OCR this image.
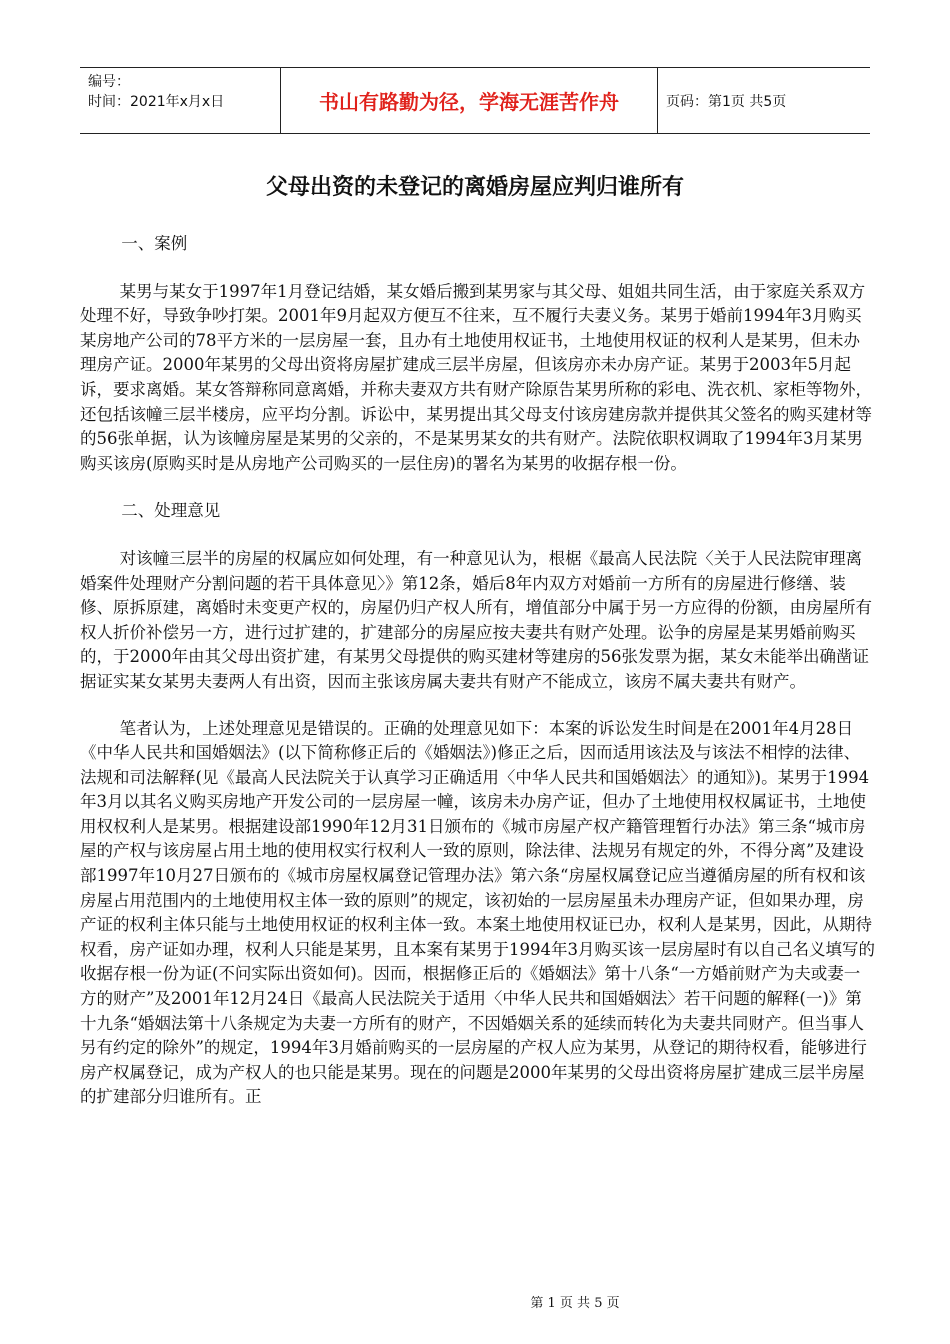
编号：
时间：2021年x月x日	书山有路勤为径，学海无涯苦作舟	页码：第1页 共5页
父母出资的未登记的离婚房屋应判归谁所有

一、案例

某男与某女于1997年1月登记结婚，某女婚后搬到某男家与其父母、姐姐共同生活，由于家庭关系双方处理不好，导致争吵打架。2001年9月起双方便互不往来，互不履行夫妻义务。某男于婚前1994年3月购买某房地产公司的78平方米的一层房屋一套，且办有土地使用权证书，土地使用权证的权利人是某男，但未办理房产证。2000年某男的父母出资将房屋扩建成三层半房屋，但该房亦未办房产证。某男于2003年5月起诉，要求离婚。某女答辩称同意离婚，并称夫妻双方共有财产除原告某男所称的彩电、洗衣机、家柜等物外，还包括该幢三层半楼房，应平均分割。诉讼中，某男提出其父母支付该房建房款并提供其父签名的购买建材等的56张单据，认为该幢房屋是某男的父亲的，不是某男某女的共有财产。法院依职权调取了1994年3月某男购买该房(原购买时是从房地产公司购买的一层住房)的署名为某男的收据存根一份。

二、处理意见

对该幢三层半的房屋的权属应如何处理，有一种意见认为，根椐《最高人民法院〈关于人民法院审理离婚案件处理财产分割问题的若干具体意见〉》第12条，婚后8年内双方对婚前一方所有的房屋进行修缮、装修、原拆原建，离婚时未变更产权的，房屋仍归产权人所有，增值部分中属于另一方应得的份额，由房屋所有权人折价补偿另一方，进行过扩建的，扩建部分的房屋应按夫妻共有财产处理。讼争的房屋是某男婚前购买的，于2000年由其父母出资扩建，有某男父母提供的购买建材等建房的56张发票为据，某女未能举出确凿证据证实某女某男夫妻两人有出资，因而主张该房属夫妻共有财产不能成立，该房不属夫妻共有财产。

笔者认为，上述处理意见是错误的。正确的处理意见如下：本案的诉讼发生时间是在2001年4月28日《中华人民共和国婚姻法》(以下简称修正后的《婚姻法》)修正之后，因而适用该法及与该法不相悖的法律、法规和司法解释(见《最高人民法院关于认真学习正确适用〈中华人民共和国婚姻法〉的通知》)。某男于1994年3月以其名义购买房地产开发公司的一层房屋一幢，该房未办房产证，但办了土地使用权权属证书，土地使用权权利人是某男。根据建设部1990年12月31日颁布的《城市房屋产权产籍管理暂行办法》第三条“城市房屋的产权与该房屋占用土地的使用权实行权利人一致的原则，除法律、法规另有规定的外，不得分离”及建设部1997年10月27日颁布的《城市房屋权属登记管理办法》第六条“房屋权属登记应当遵循房屋的所有权和该房屋占用范围内的土地使用权主体一致的原则”的规定，该初始的一层房屋虽未办理房产证，但如果办理，房产证的权利主体只能与土地使用权证的权利主体一致。本案土地使用权证已办，权利人是某男，因此，从期待权看，房产证如办理，权利人只能是某男，且本案有某男于1994年3月购买该一层房屋时有以自己名义填写的收据存根一份为证(不问实际出资如何)。因而，根据修正后的《婚姻法》第十八条“一方婚前财产为夫或妻一方的财产”及2001年12月24日《最高人民法院关于适用〈中华人民共和国婚姻法〉若干问题的解释(一)》第十九条“婚姻法第十八条规定为夫妻一方所有的财产，不因婚姻关系的延续而转化为夫妻共同财产。但当事人另有约定的除外”的规定，1994年3月婚前购买的一层房屋的产权人应为某男，从登记的期待权看，能够进行房产权属登记，成为产权人的也只能是某男。现在的问题是2000年某男的父母出资将房屋扩建成三层半房屋的扩建部分归谁所有。正

第 1 页 共 5 页
